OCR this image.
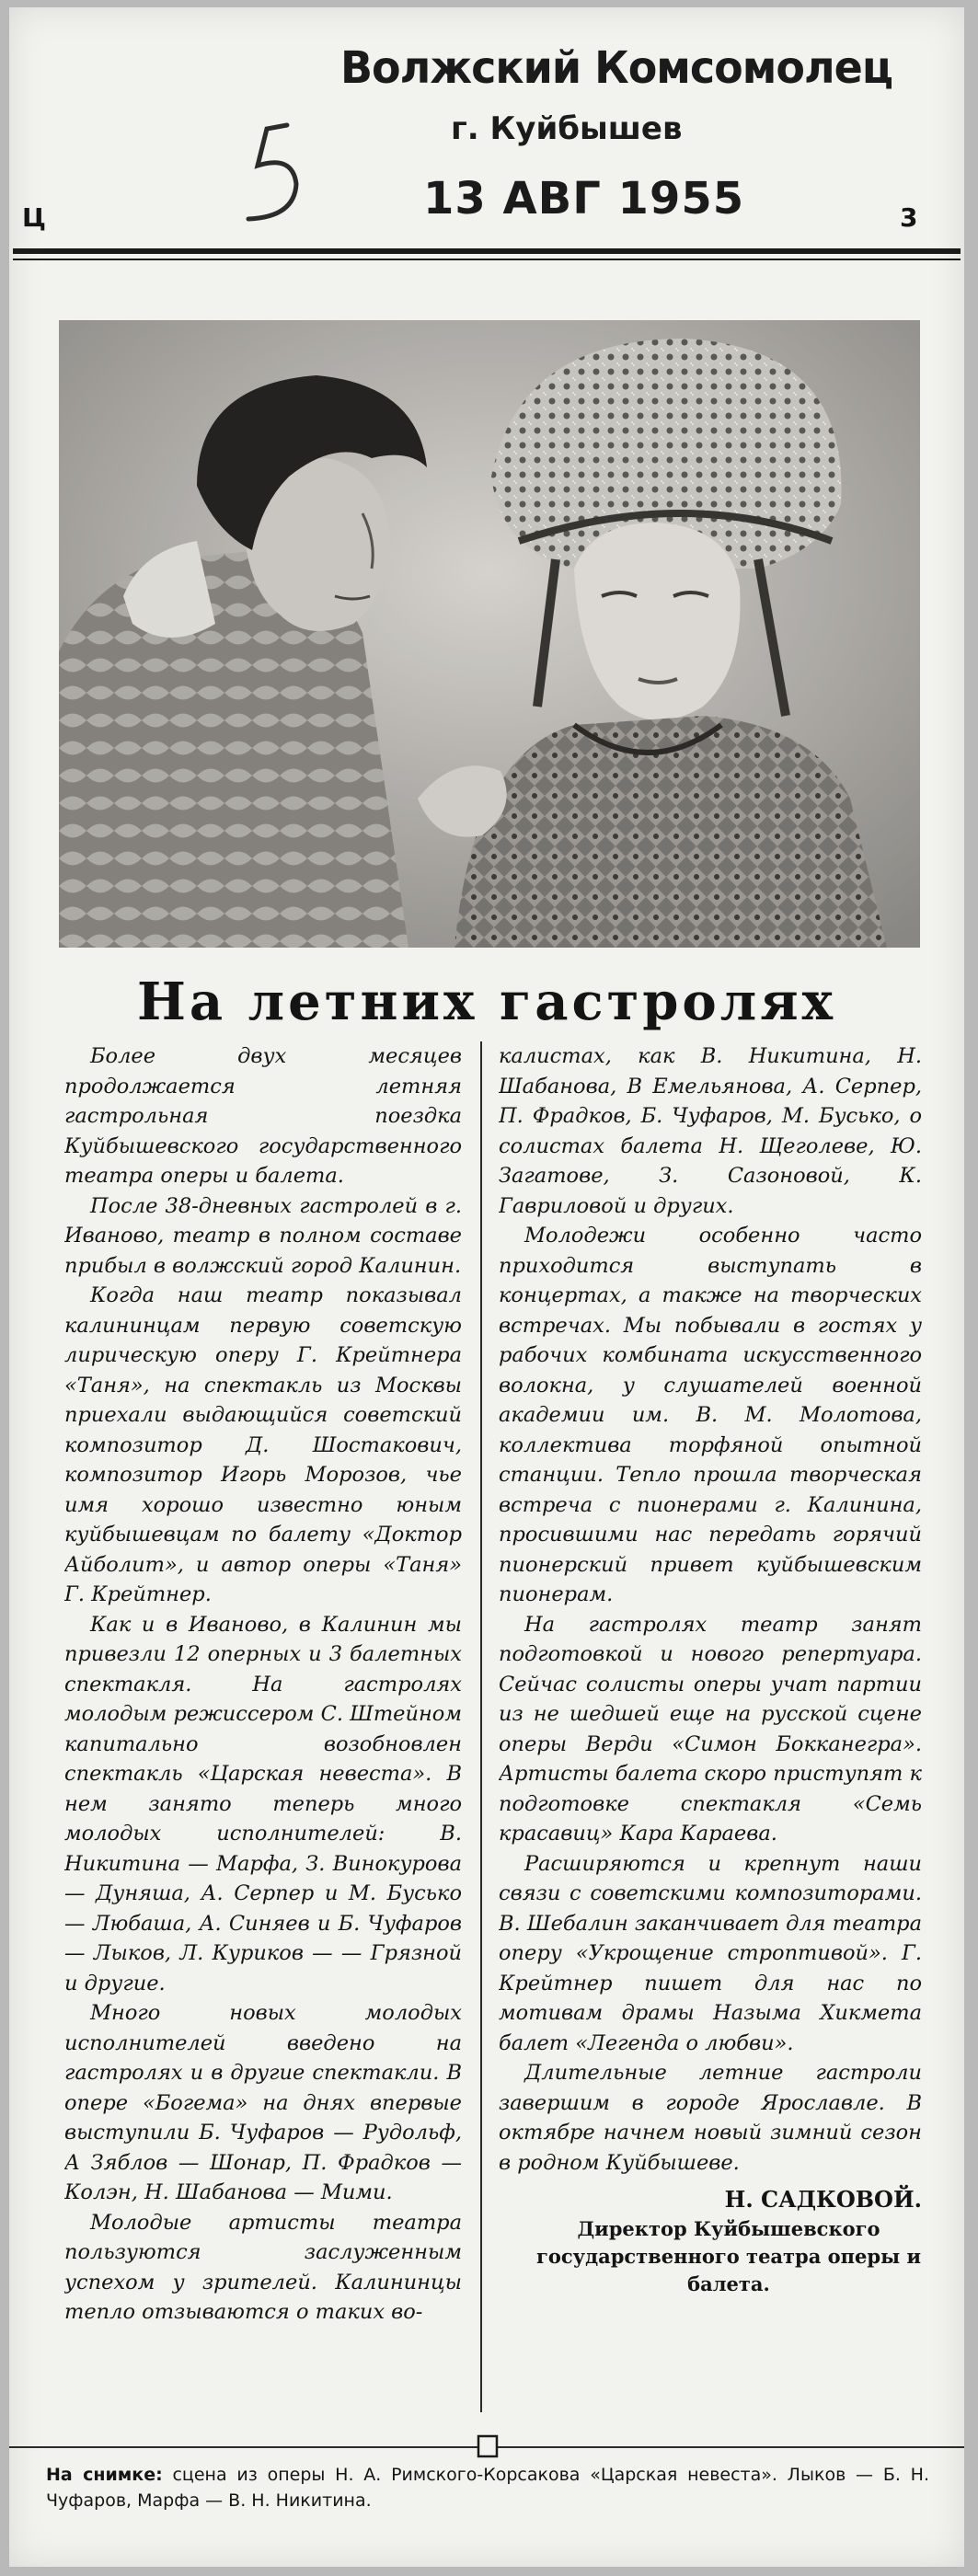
Волжский Комсомолец
г. Куйбышев
13 АВГ 1955
Ц	3
На летних гастролях

Более двух месяцев продолжается летняя гастрольная поездка Куйбышевского государственного театра оперы и балета.

После 38-дневных гастролей в г. Иваново, театр в полном составе прибыл в волжский город Калинин.

Когда наш театр показывал калининцам первую советскую лирическую оперу Г. Крейтнера «Таня», на спектакль из Москвы приехали выдающийся советский композитор Д. Шостакович, композитор Игорь Морозов, чье имя хорошо известно юным куйбышевцам по балету «Доктор Айболит», и автор оперы «Таня» Г. Крейтнер.

Как и в Иваново, в Калинин мы привезли 12 оперных и 3 балетных спектакля. На гастролях молодым режиссером С. Штейном капитально возобновлен спектакль «Царская невеста». В нем занято теперь много молодых исполнителей: В. Никитина — Марфа, З. Винокурова — Дуняша, А. Серпер и М. Бусько — Любаша, А. Синяев и Б. Чуфаров — Лыков, Л. Куриков — — Грязной и другие.

Много новых молодых исполнителей введено на гастролях и в другие спектакли. В опере «Богема» на днях впервые выступили Б. Чуфаров — Рудольф, А Зяблов — Шонар, П. Фрадков — Колэн, Н. Шабанова — Мими.

Молодые артисты театра пользуются заслуженным успехом у зрителей. Калининцы тепло отзываются о таких во-

калистах, как В. Никитина, Н. Шабанова, В Емельянова, А. Серпер, П. Фрадков, Б. Чуфаров, М. Бусько, о солистах балета Н. Щеголеве, Ю. Загатове, З. Сазоновой, К. Гавриловой и других.

Молодежи особенно часто приходится выступать в концертах, а также на творческих встречах. Мы побывали в гостях у рабочих комбината искусственного волокна, у слушателей военной академии им. В. М. Молотова, коллектива торфяной опытной станции. Тепло прошла творческая встреча с пионерами г. Калинина, просившими нас передать горячий пионерский привет куйбышевским пионерам.

На гастролях театр занят подготовкой и нового репертуара. Сейчас солисты оперы учат партии из не шедшей еще на русской сцене оперы Верди «Симон Бокканегра». Артисты балета скоро приступят к подготовке спектакля «Семь красавиц» Кара Караева.

Расширяются и крепнут наши связи с советскими композиторами. В. Шебалин заканчивает для театра оперу «Укрощение строптивой». Г. Крейтнер пишет для нас по мотивам драмы Назыма Хикмета балет «Легенда о любви».

Длительные летние гастроли завершим в городе Ярославле. В октябре начнем новый зимний сезон в родном Куйбышеве.

Н. САДКОВОЙ.

Директор Куйбышевского государственного театра оперы и балета.

На снимке: сцена из оперы Н. А. Римского-Корсакова «Царская невеста». Лыков — Б. Н. Чуфаров, Марфа — В. Н. Никитина.
